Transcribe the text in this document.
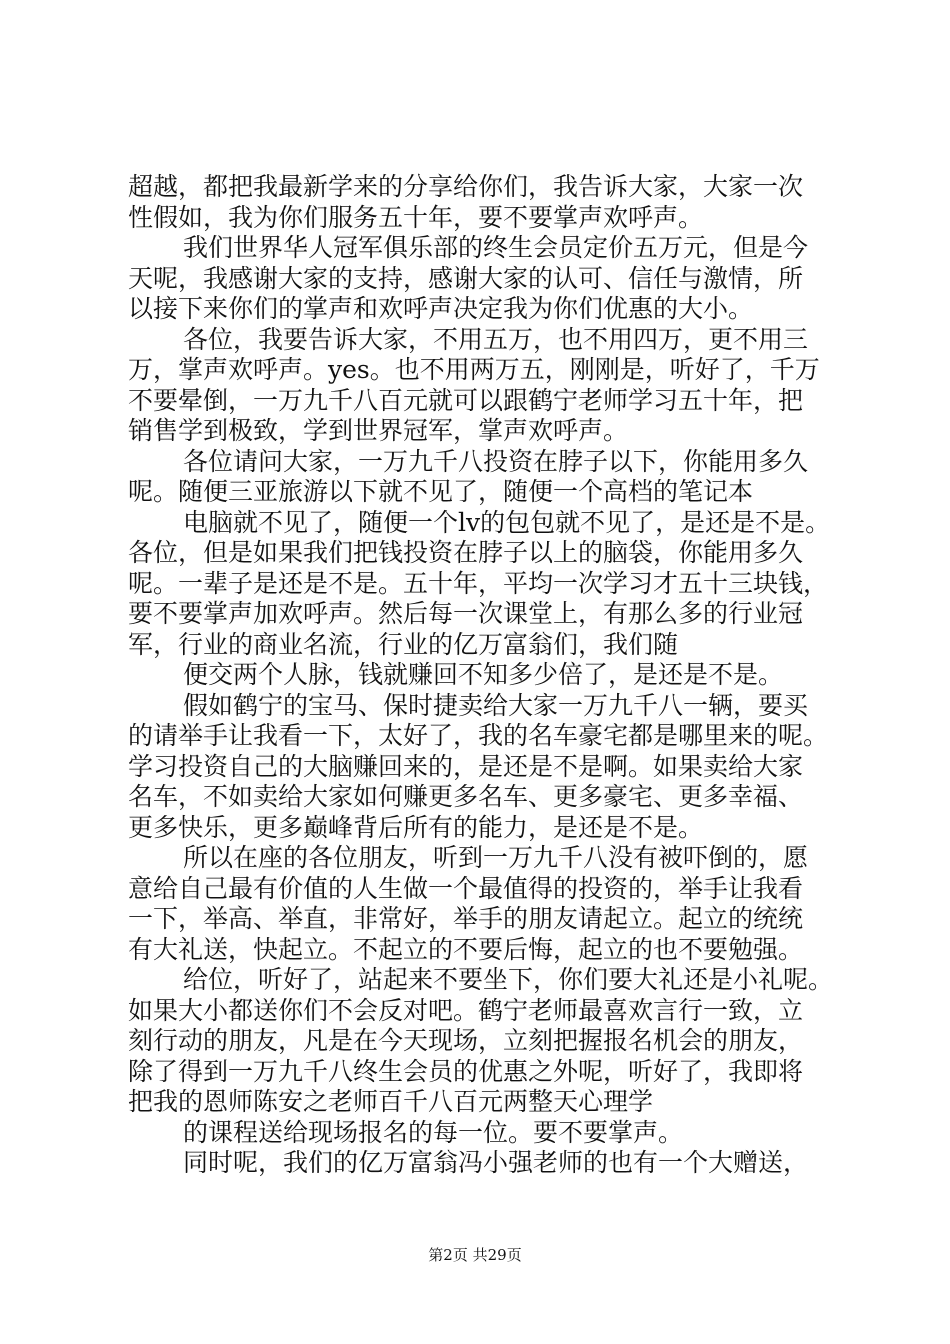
超越，都把我最新学来的分享给你们，我告诉大家，大家一次
性假如，我为你们服务五十年，要不要掌声欢呼声。
我们世界华人冠军俱乐部的终生会员定价五万元，但是今
天呢，我感谢大家的支持，感谢大家的认可、信任与激情，所
以接下来你们的掌声和欢呼声决定我为你们优惠的大小。
各位，我要告诉大家，不用五万，也不用四万，更不用三
万，掌声欢呼声。yes。也不用两万五，刚刚是，听好了，千万
不要晕倒，一万九千八百元就可以跟鹤宁老师学习五十年，把
销售学到极致，学到世界冠军，掌声欢呼声。
各位请问大家，一万九千八投资在脖子以下，你能用多久
呢。随便三亚旅游以下就不见了，随便一个高档的笔记本
电脑就不见了，随便一个lv的包包就不见了，是还是不是。
各位，但是如果我们把钱投资在脖子以上的脑袋，你能用多久
呢。一辈子是还是不是。五十年，平均一次学习才五十三块钱，
要不要掌声加欢呼声。然后每一次课堂上，有那么多的行业冠
军，行业的商业名流，行业的亿万富翁们，我们随
便交两个人脉，钱就赚回不知多少倍了，是还是不是。
假如鹤宁的宝马、保时捷卖给大家一万九千八一辆，要买
的请举手让我看一下，太好了，我的名车豪宅都是哪里来的呢。
学习投资自己的大脑赚回来的，是还是不是啊。如果卖给大家
名车，不如卖给大家如何赚更多名车、更多豪宅、更多幸福、
更多快乐，更多巅峰背后所有的能力，是还是不是。
所以在座的各位朋友，听到一万九千八没有被吓倒的，愿
意给自己最有价值的人生做一个最值得的投资的，举手让我看
一下，举高、举直，非常好，举手的朋友请起立。起立的统统
有大礼送，快起立。不起立的不要后悔，起立的也不要勉强。
给位，听好了，站起来不要坐下，你们要大礼还是小礼呢。
如果大小都送你们不会反对吧。鹤宁老师最喜欢言行一致，立
刻行动的朋友，凡是在今天现场，立刻把握报名机会的朋友，
除了得到一万九千八终生会员的优惠之外呢，听好了，我即将
把我的恩师陈安之老师百千八百元两整天心理学
的课程送给现场报名的每一位。要不要掌声。
同时呢，我们的亿万富翁冯小强老师的也有一个大赠送，
第2页 共29页
